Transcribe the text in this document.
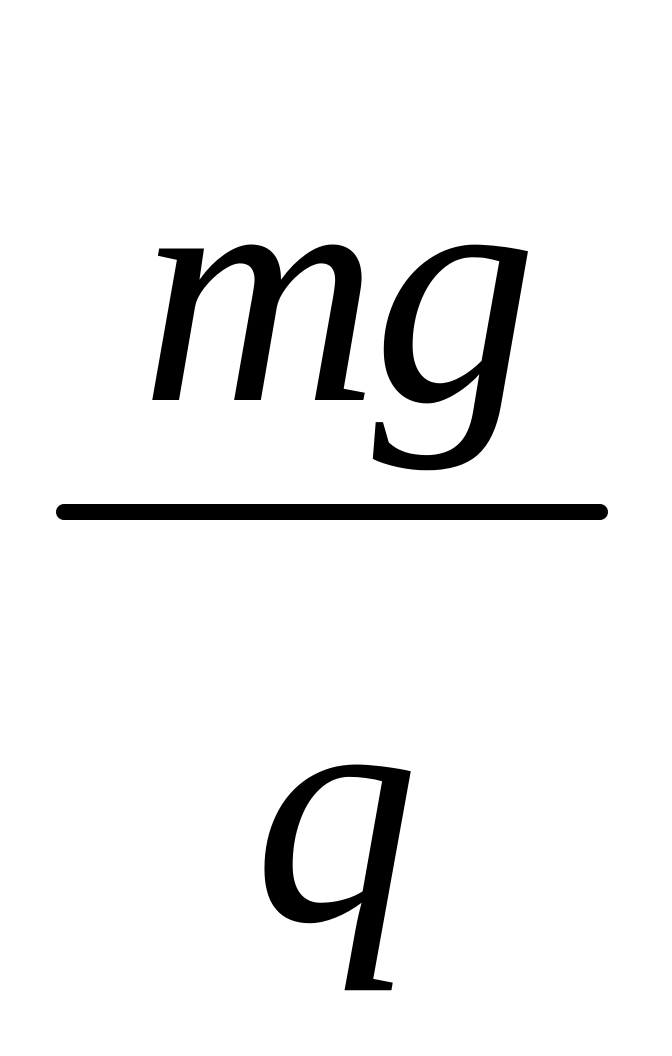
mg
q
